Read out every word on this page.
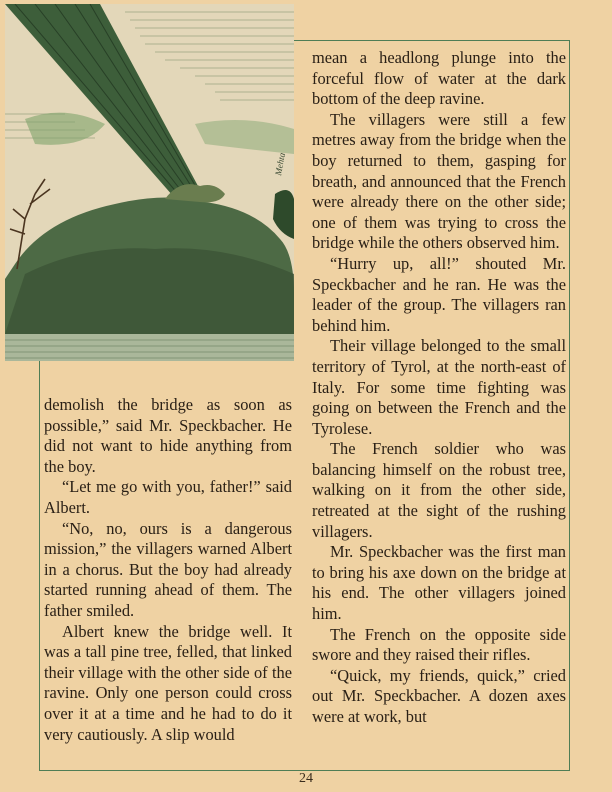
Mehta

demolish the bridge as soon as possible,” said Mr. Speckbacher. He did not want to hide anything from the boy.

“Let me go with you, father!” said Albert.

“No, no, ours is a dangerous mission,” the villagers warned Albert in a chorus. But the boy had already started running ahead of them. The father smiled.

Albert knew the bridge well. It was a tall pine tree, felled, that linked their village with the other side of the ravine. Only one person could cross over it at a time and he had to do it very cautiously. A slip would

mean a headlong plunge into the forceful flow of water at the dark bottom of the deep ravine.

The villagers were still a few metres away from the bridge when the boy returned to them, gasping for breath, and announced that the French were already there on the other side; one of them was trying to cross the bridge while the others observed him.

“Hurry up, all!” shouted Mr. Speckbacher and he ran. He was the leader of the group. The villagers ran behind him.

Their village belonged to the small territory of Tyrol, at the north-east of Italy. For some time fighting was going on between the French and the Tyrolese.

The French soldier who was balancing himself on the robust tree, walking on it from the other side, retreated at the sight of the rushing villagers.

Mr. Speckbacher was the first man to bring his axe down on the bridge at his end. The other villagers joined him.

The French on the opposite side swore and they raised their rifles.

“Quick, my friends, quick,” cried out Mr. Speckbacher. A dozen axes were at work, but

24
